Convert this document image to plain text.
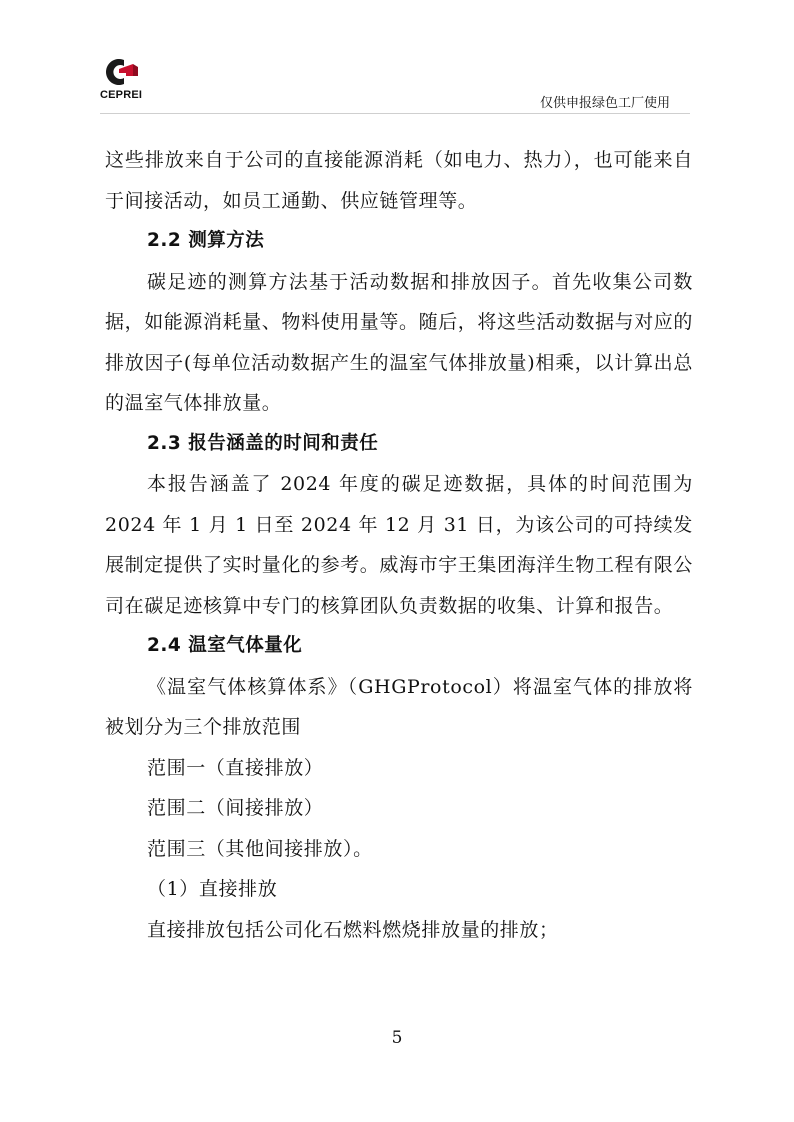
CEPREI
仅供申报绿色工厂使用

这些排放来自于公司的直接能源消耗（如电力、热力），也可能来自于间接活动，如员工通勤、供应链管理等。

2.2 测算方法

碳足迹的测算方法基于活动数据和排放因子。首先收集公司数据，如能源消耗量、物料使用量等。随后，将这些活动数据与对应的排放因子(每单位活动数据产生的温室气体排放量)相乘，以计算出总的温室气体排放量。

2.3 报告涵盖的时间和责任

本报告涵盖了 2024 年度的碳足迹数据，具体的时间范围为 2024 年 1 月 1 日至 2024 年 12 月 31 日，为该公司的可持续发展制定提供了实时量化的参考。威海市宇王集团海洋生物工程有限公司在碳足迹核算中专门的核算团队负责数据的收集、计算和报告。

2.4 温室气体量化

《温室气体核算体系》（GHGProtocol）将温室气体的排放将被划分为三个排放范围

范围一（直接排放）

范围二（间接排放）

范围三（其他间接排放）。

（1）直接排放

直接排放包括公司化石燃料燃烧排放量的排放；

5
